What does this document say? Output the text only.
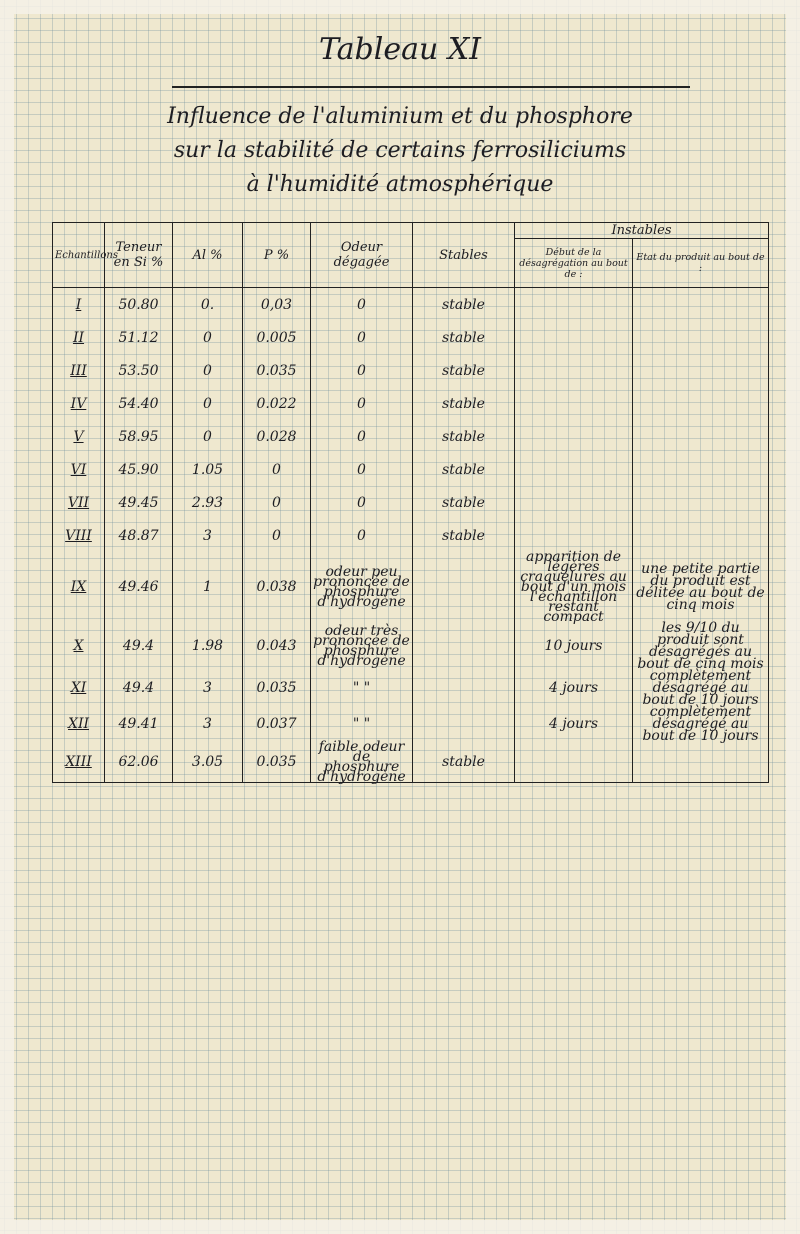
Tableau XI
Influence de l'aluminium et du phosphore
sur la stabilité de certains ferrosiliciums
à l'humidité atmosphérique
Echantillons	Teneur en Si %	Al %	P %	Odeur dégagée	Stables	Instables	
						Début de la désagrégation au bout de :	Etat du produit au bout de :
I	50.80	0.	0,03	0	stable		
II	51.12	0	0.005	0	stable		
III	53.50	0	0.035	0	stable		
IV	54.40	0	0.022	0	stable		
V	58.95	0	0.028	0	stable		
VI	45.90	1.05	0	0	stable		
VII	49.45	2.93	0	0	stable		
VIII	48.87	3	0	0	stable		
IX	49.46	1	0.038	odeur peu prononcée de phosphure d'hydrogène		apparition de légères craquelures au bout d'un mois l'échantillon restant compact	une petite partie du produit est délitée au bout de cinq mois
X	49.4	1.98	0.043	odeur très prononcée de phosphure d'hydrogène		10 jours	les 9/10 du produit sont désagrégés au bout de cinq mois
XI	49.4	3	0.035	" "		4 jours	complètement désagrégé au bout de 10 jours
XII	49.41	3	0.037	" "		4 jours	complètement désagrégé au bout de 10 jours
XIII	62.06	3.05	0.035	faible odeur de phosphure d'hydrogène	stable		
